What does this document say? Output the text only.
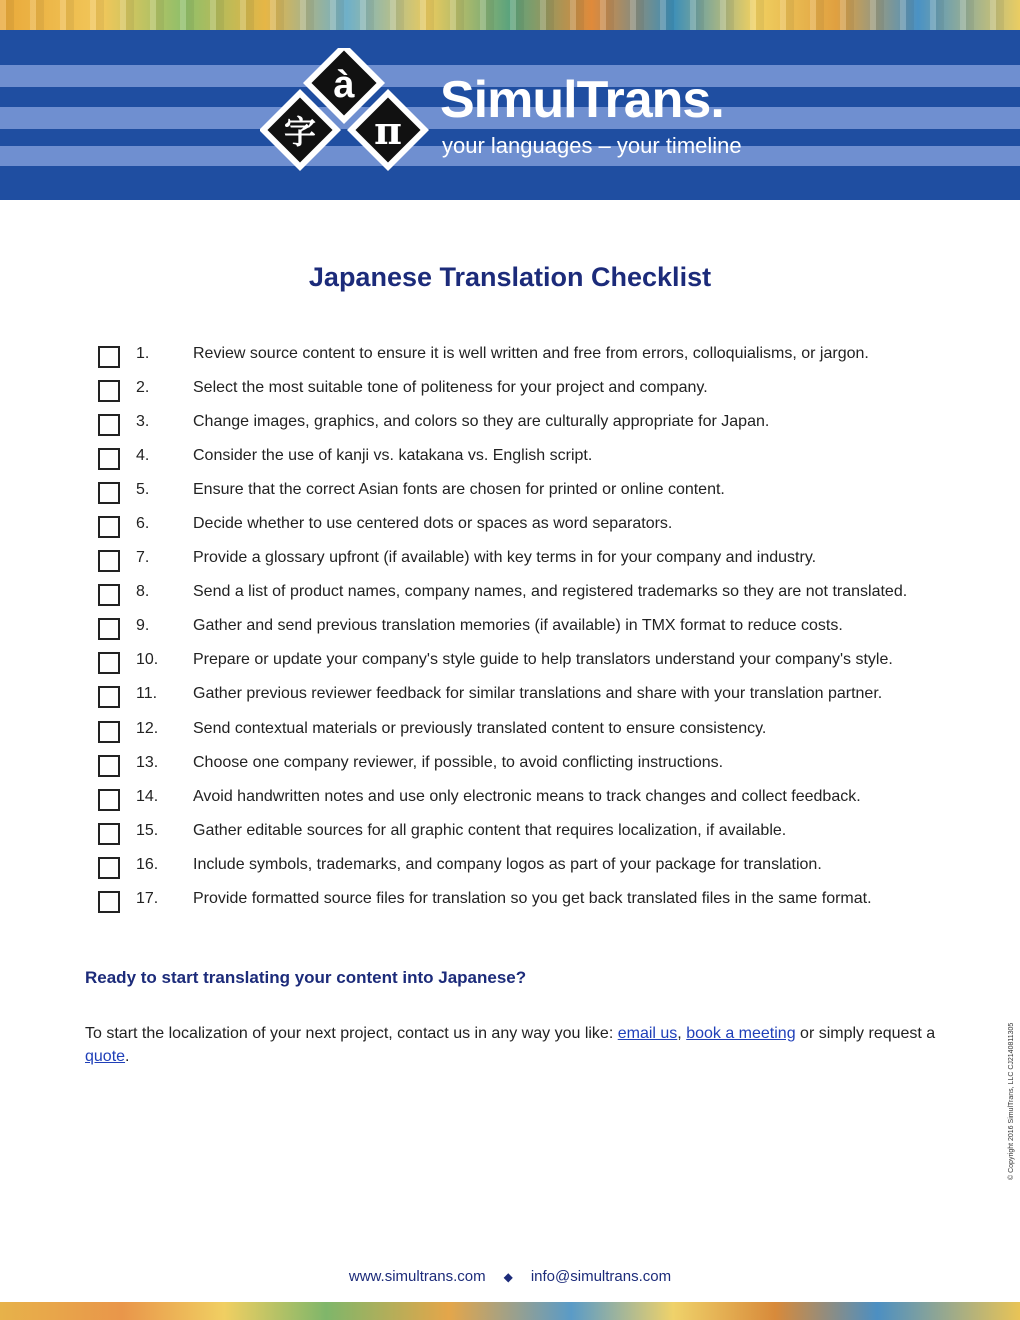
à
字 π
SimulTrans.
your languages – your timeline
Japanese Translation Checklist
1.	Review source content to ensure it is well written and free from errors, colloquialisms, or jargon.
2.	Select the most suitable tone of politeness for your project and company.
3.	Change images, graphics, and colors so they are culturally appropriate for Japan.
4.	Consider the use of kanji vs. katakana vs. English script.
5.	Ensure that the correct Asian fonts are chosen for printed or online content.
6.	Decide whether to use centered dots or spaces as word separators.
7.	Provide a glossary upfront (if available) with key terms in for your company and industry.
8.	Send a list of product names, company names, and registered trademarks so they are not translated.
9.	Gather and send previous translation memories (if available) in TMX format to reduce costs.
10.	Prepare or update your company's style guide to help translators understand your company's style.
11.	Gather previous reviewer feedback for similar translations and share with your translation partner.
12.	Send contextual materials or previously translated content to ensure consistency.
13.	Choose one company reviewer, if possible, to avoid conflicting instructions.
14.	Avoid handwritten notes and use only electronic means to track changes and collect feedback.
15.	Gather editable sources for all graphic content that requires localization, if available.
16.	Include symbols, trademarks, and company logos as part of your package for translation.
17.	Provide formatted source files for translation so you get back translated files in the same format.
Ready to start translating your content into Japanese?
To start the localization of your next project, contact us in any way you like: email us, book a meeting or simply request a quote.	© Copyright 2016 SimulTrans, LLC CJ2140811305
www.simultrans.com ◆ info@simultrans.com
